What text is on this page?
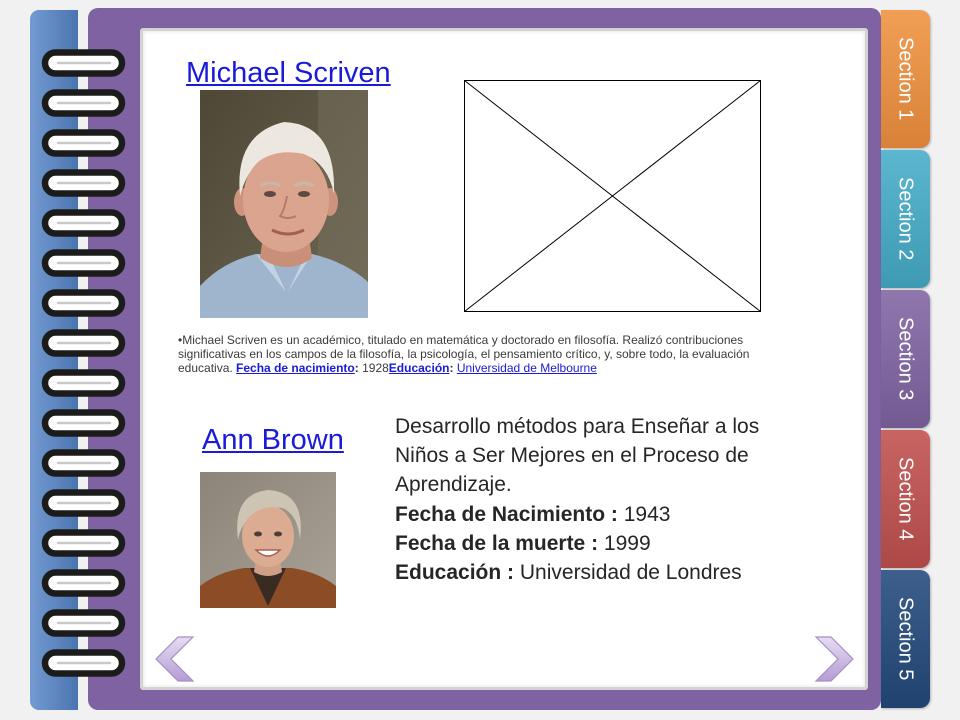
Section 1
Section 2
Section 3
Section 4
Section 5
Michael Scriven

•Michael Scriven es un académico, titulado en matemática y doctorado en filosofía. Realizó contribuciones significativas en los campos de la filosofía, la psicología, el pensamiento crítico, y, sobre todo, la evaluación educativa. Fecha de nacimiento: 1928Educación: Universidad de Melbourne

Ann Brown Desarrollo métodos para Enseñar a los Niños a Ser Mejores en el Proceso de Aprendizaje.

Fecha de Nacimiento : 1943

Fecha de la muerte : 1999

Educación : Universidad de Londres
